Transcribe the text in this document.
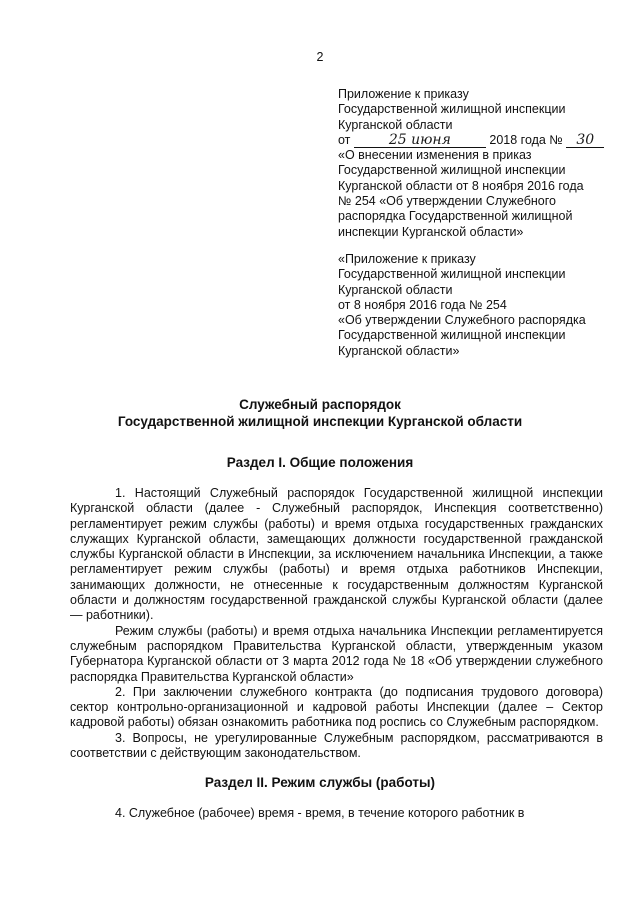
2
Приложение к приказу
Государственной жилищной инспекции
Курганской области
от	25 июня	2018 года № 30
«О внесении изменения в приказ
Государственной жилищной инспекции
Курганской области от 8 ноября 2016 года
№ 254 «Об утверждении Служебного
распорядка Государственной жилищной
инспекции Курганской области»
«Приложение к приказу
Государственной жилищной инспекции
Курганской области
от 8 ноября 2016 года № 254
«Об утверждении Служебного распорядка
Государственной жилищной инспекции
Курганской области»
Служебный распорядок
Государственной жилищной инспекции Курганской области
Раздел I. Общие положения

1. Настоящий Служебный распорядок Государственной жилищной инспекции Курганской области (далее - Служебный распорядок, Инспекция соответственно) регламентирует режим службы (работы) и время отдыха государственных гражданских служащих Курганской области, замещающих должности государственной гражданской службы Курганской области в Инспекции, за исключением начальника Инспекции, а также регламентирует режим службы (работы) и время отдыха работников Инспекции, занимающих должности, не отнесенные к государственным должностям Курганской области и должностям государственной гражданской службы Курганской области (далее — работники).

Режим службы (работы) и время отдыха начальника Инспекции регламентируется служебным распорядком Правительства Курганской области, утвержденным указом Губернатора Курганской области от 3 марта 2012 года № 18 «Об утверждении служебного распорядка Правительства Курганской области»

2. При заключении служебного контракта (до подписания трудового договора) сектор контрольно-организационной и кадровой работы Инспекции (далее – Сектор кадровой работы) обязан ознакомить работника под роспись со Служебным распорядком.

3. Вопросы, не урегулированные Служебным распорядком, рассматриваются в соответствии с действующим законодательством.

Раздел II. Режим службы (работы)

4. Служебное (рабочее) время - время, в течение которого работник в
